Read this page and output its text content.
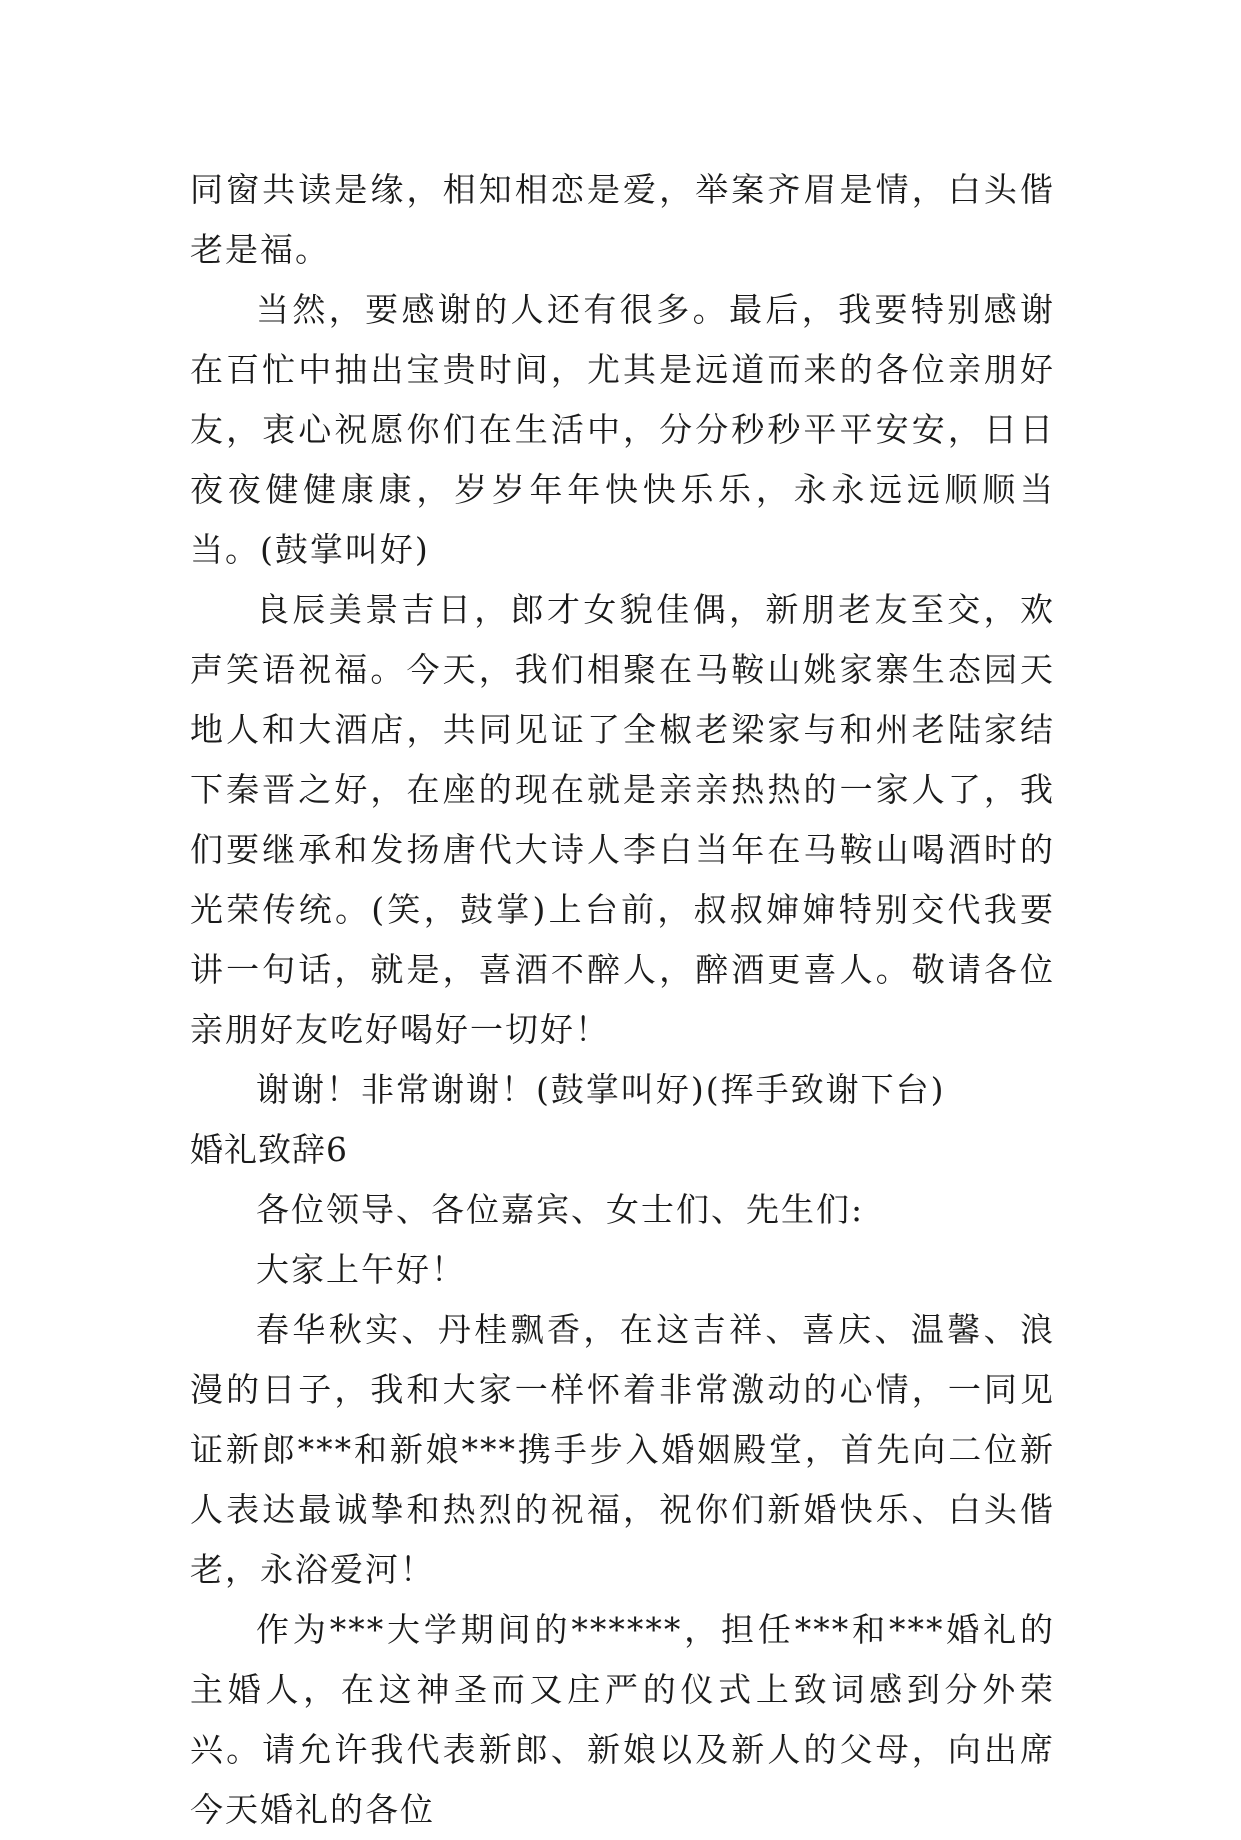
同窗共读是缘，相知相恋是爱，举案齐眉是情，白头偕老是福。

当然，要感谢的人还有很多。最后，我要特别感谢在百忙中抽出宝贵时间，尤其是远道而来的各位亲朋好友，衷心祝愿你们在生活中，分分秒秒平平安安，日日夜夜健健康康，岁岁年年快快乐乐，永永远远顺顺当当。(鼓掌叫好)

良辰美景吉日，郎才女貌佳偶，新朋老友至交，欢声笑语祝福。今天，我们相聚在马鞍山姚家寨生态园天地人和大酒店，共同见证了全椒老梁家与和州老陆家结下秦晋之好，在座的现在就是亲亲热热的一家人了，我们要继承和发扬唐代大诗人李白当年在马鞍山喝酒时的光荣传统。(笑，鼓掌)上台前，叔叔婶婶特别交代我要讲一句话，就是，喜酒不醉人，醉酒更喜人。敬请各位亲朋好友吃好喝好一切好！

谢谢！非常谢谢！(鼓掌叫好)(挥手致谢下台)

婚礼致辞6

各位领导、各位嘉宾、女士们、先生们:

大家上午好！

春华秋实、丹桂飘香，在这吉祥、喜庆、温馨、浪漫的日子，我和大家一样怀着非常激动的心情，一同见证新郎***和新娘***携手步入婚姻殿堂，首先向二位新人表达最诚挚和热烈的祝福，祝你们新婚快乐、白头偕老，永浴爱河！

作为***大学期间的******，担任***和***婚礼的主婚人，在这神圣而又庄严的仪式上致词感到分外荣兴。请允许我代表新郎、新娘以及新人的父母，向出席今天婚礼的各位
